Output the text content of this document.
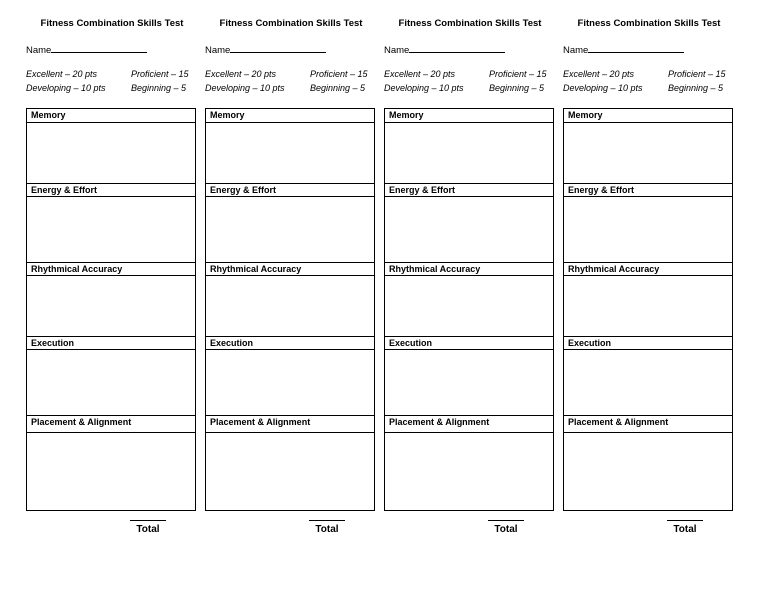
Fitness Combination Skills Test
Name
Excellent – 20 pts	Proficient – 15
Developing – 10 pts	Beginning – 5
Memory
Energy & Effort
Rhythmical Accuracy
Execution
Placement & Alignment
Total
Fitness Combination Skills Test
Name
Excellent – 20 pts	Proficient – 15
Developing – 10 pts	Beginning – 5
Memory
Energy & Effort
Rhythmical Accuracy
Execution
Placement & Alignment
Total
Fitness Combination Skills Test
Name
Excellent – 20 pts	Proficient – 15
Developing – 10 pts	Beginning – 5
Memory
Energy & Effort
Rhythmical Accuracy
Execution
Placement & Alignment
Total
Fitness Combination Skills Test
Name
Excellent – 20 pts	Proficient – 15
Developing – 10 pts	Beginning – 5
Memory
Energy & Effort
Rhythmical Accuracy
Execution
Placement & Alignment
Total
